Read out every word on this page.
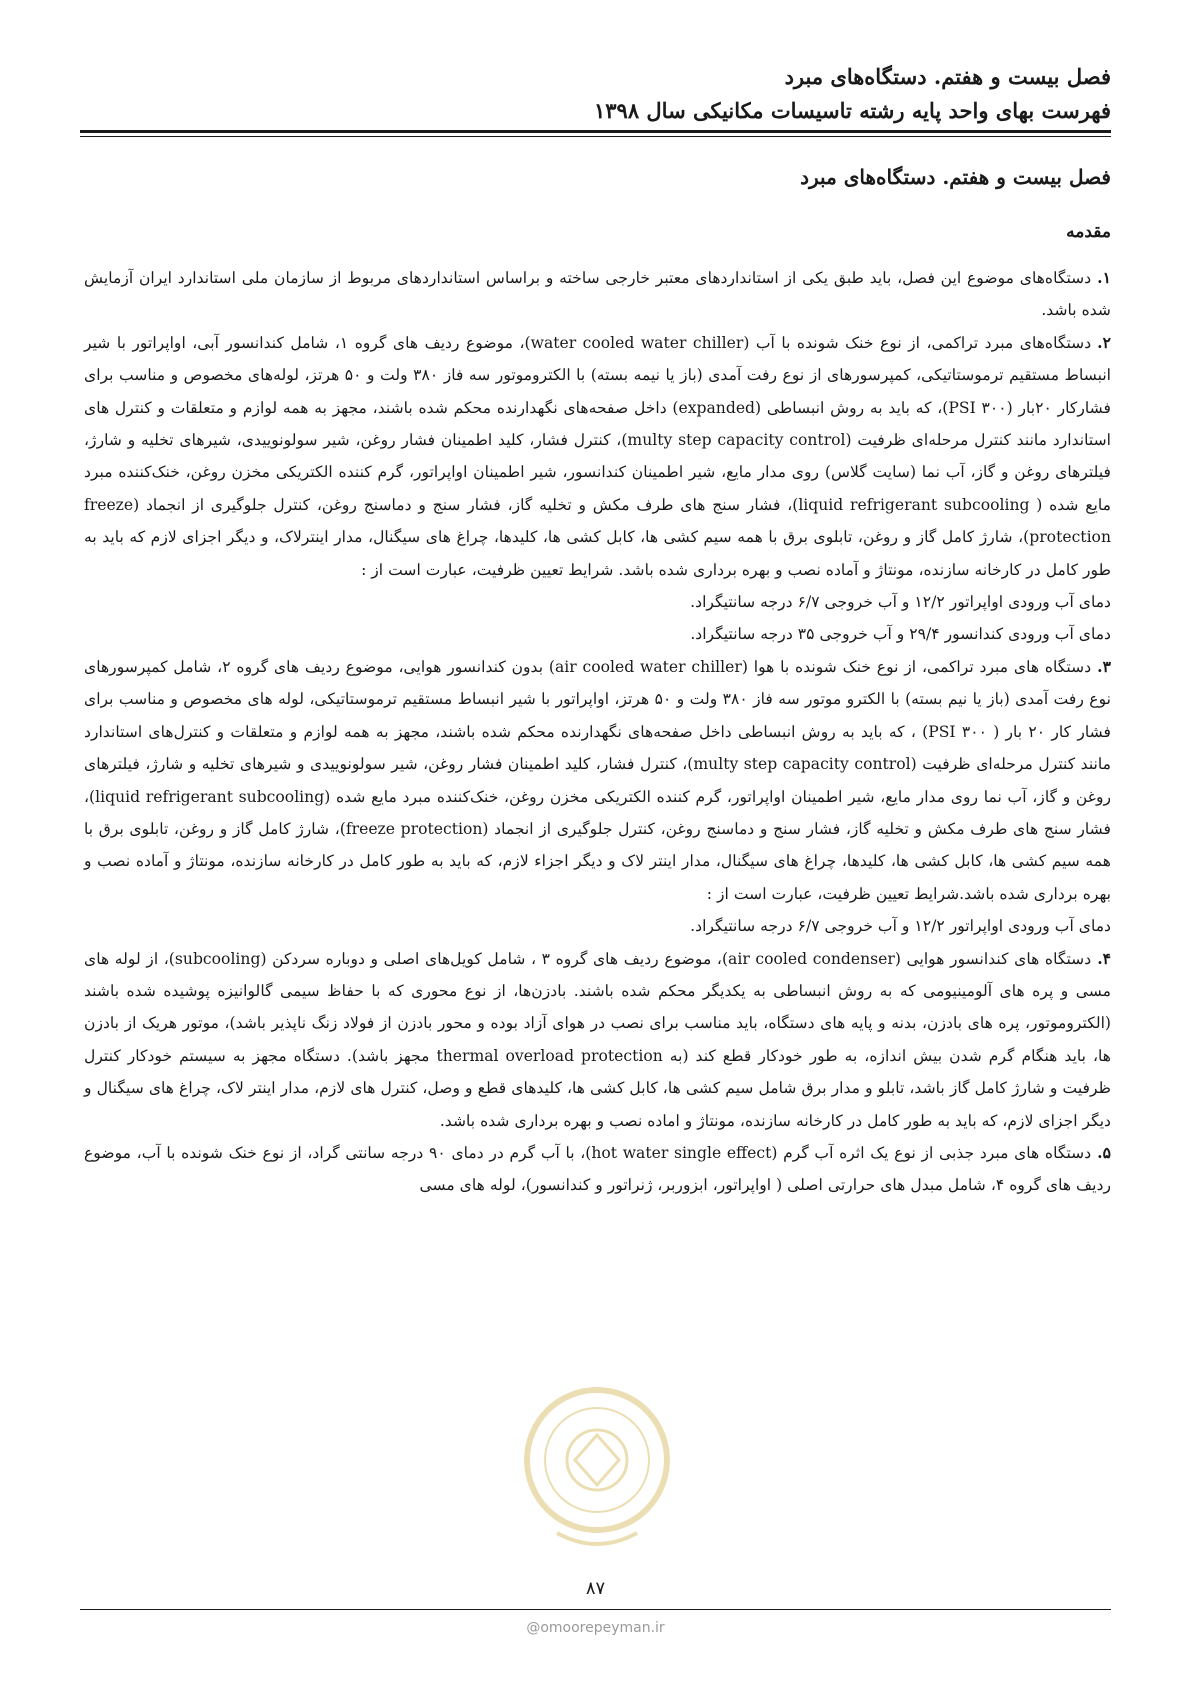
فصل بیست و هفتم. دستگاه‌های مبرد
فهرست بهای واحد پایه رشته تاسیسات مکانیکی سال ۱۳۹۸
فصل بیست و هفتم. دستگاه‌های مبرد
مقدمه

۱.دستگاه‌های موضوع این فصل، باید طبق یکی از استانداردهای معتبر خارجی ساخته و براساس استانداردهای مربوط از سازمان ملی استاندارد ایران آزمایش شده باشد.

۲.دستگاه‌های مبرد تراکمی، از نوع خنک شونده با آب (water cooled water chiller)، موضوع ردیف های گروه ۱، شامل کندانسور آبی، اواپراتور با شیر انبساط مستقیم ترموستاتیکی، کمپرسورهای از نوع رفت آمدی (باز یا نیمه بسته) با الکتروموتور سه فاز ۳۸۰ ولت و ۵۰ هرتز، لوله‌های مخصوص و مناسب برای فشارکار ۲۰بار (۳۰۰ PSI)، که باید به روش انبساطی (expanded) داخل صفحه‌های نگهدارنده محکم شده باشند، مجهز به همه لوازم و متعلقات و کنترل های استاندارد مانند کنترل مرحله‌ای ظرفیت (multy step capacity control)، کنترل فشار، کلید اطمینان فشار روغن، شیر سولونوییدی، شیرهای تخلیه و شارژ، فیلترهای روغن و گاز، آب نما (سایت گلاس) روی مدار مایع، شیر اطمینان کندانسور، شیر اطمینان اواپراتور، گرم کننده الکتریکی مخزن روغن، خنک‌کننده مبرد مایع شده ( liquid refrigerant subcooling)، فشار سنج های طرف مکش و تخلیه گاز، فشار سنج و دماسنج روغن، کنترل جلوگیری از انجماد (freeze protection)، شارژ کامل گاز و روغن، تابلوی برق با همه سیم کشی ها، کابل کشی ها، کلیدها، چراغ های سیگنال، مدار اینترلاک، و دیگر اجزای لازم که باید به طور کامل در کارخانه سازنده، مونتاژ و آماده نصب و بهره برداری شده باشد. شرایط تعیین ظرفیت، عبارت است از :
دمای آب ورودی اواپراتور ۱۲/۲ و آب خروجی ۶/۷ درجه سانتیگراد.
دمای آب ورودی کندانسور ۲۹/۴ و آب خروجی ۳۵ درجه سانتیگراد.

۳.دستگاه های مبرد تراکمی، از نوع خنک شونده با هوا (air cooled water chiller) بدون کندانسور هوایی، موضوع ردیف های گروه ۲، شامل کمپرسورهای نوع رفت آمدی (باز یا نیم بسته) با الکترو موتور سه فاز ۳۸۰ ولت و ۵۰ هرتز، اواپراتور با شیر انبساط مستقیم ترموستاتیکی، لوله های مخصوص و مناسب برای فشار کار ۲۰ بار ( ۳۰۰ PSI) ، که باید به روش انبساطی داخل صفحه‌های نگهدارنده محکم شده باشند، مجهز به همه لوازم و متعلقات و کنترل‌های استاندارد مانند کنترل مرحله‌ای ظرفیت (multy step capacity control)، کنترل فشار، کلید اطمینان فشار روغن، شیر سولونوییدی و شیرهای تخلیه و شارژ، فیلترهای روغن و گاز، آب نما روی مدار مایع، شیر اطمینان اواپراتور، گرم کننده الکتریکی مخزن روغن، خنک‌کننده مبرد مایع شده (liquid refrigerant subcooling)، فشار سنج های طرف مکش و تخلیه گاز، فشار سنج و دماسنج روغن، کنترل جلوگیری از انجماد (freeze protection)، شارژ کامل گاز و روغن، تابلوی برق با همه سیم کشی ها، کابل کشی ها، کلیدها، چراغ های سیگنال، مدار اینتر لاک و دیگر اجزاء لازم، که باید به طور کامل در کارخانه سازنده، مونتاژ و آماده نصب و بهره برداری شده باشد.شرایط تعیین ظرفیت، عبارت است از :
دمای آب ورودی اواپراتور ۱۲/۲ و آب خروجی ۶/۷ درجه سانتیگراد.

۴.دستگاه های کندانسور هوایی (air cooled condenser)، موضوع ردیف های گروه ۳ ، شامل کویل‌های اصلی و دوباره سردکن (subcooling)، از لوله های مسی و پره های آلومینیومی که به روش انبساطی به یکدیگر محکم شده باشند. بادزن‌ها، از نوع محوری که با حفاظ سیمی گالوانیزه پوشیده شده باشند (الکتروموتور، پره های بادزن، بدنه و پایه های دستگاه، باید مناسب برای نصب در هوای آزاد بوده و محور بادزن از فولاد زنگ ناپذیر باشد)، موتور هریک از بادزن ها، باید هنگام گرم شدن بیش اندازه، به طور خودکار قطع کند (به thermal overload protection مجهز باشد). دستگاه مجهز به سیستم خودکار کنترل ظرفیت و شارژ کامل گاز باشد، تابلو و مدار برق شامل سیم کشی ها، کابل کشی ها، کلیدهای قطع و وصل، کنترل های لازم، مدار اینتر لاک، چراغ های سیگنال و دیگر اجزای لازم، که باید به طور کامل در کارخانه سازنده، مونتاژ و اماده نصب و بهره برداری شده باشد.

۵.دستگاه های مبرد جذبی از نوع یک اثره آب گرم (hot water single effect)، با آب گرم در دمای ۹۰ درجه سانتی گراد، از نوع خنک شونده با آب، موضوع ردیف های گروه ۴، شامل مبدل های حرارتی اصلی ( اواپراتور، ابزوربر، ژنراتور و کندانسور)، لوله های مسی

۸۷
@omoorepeyman.ir
